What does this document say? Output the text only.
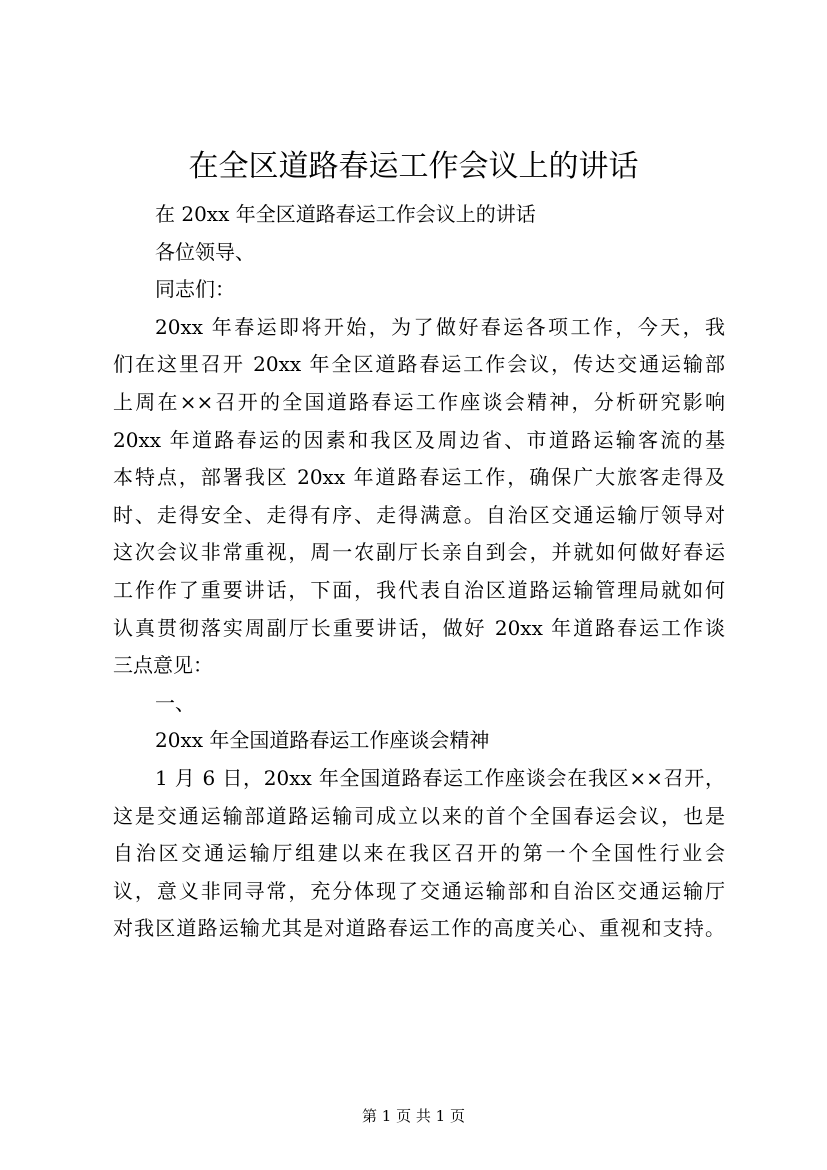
在全区道路春运工作会议上的讲话
在 20xx 年全区道路春运工作会议上的讲话
各位领导、
同志们：
20xx 年春运即将开始，为了做好春运各项工作，今天，我
们在这里召开 20xx 年全区道路春运工作会议，传达交通运输部
上周在××召开的全国道路春运工作座谈会精神，分析研究影响
20xx 年道路春运的因素和我区及周边省、市道路运输客流的基
本特点，部署我区 20xx 年道路春运工作，确保广大旅客走得及
时、走得安全、走得有序、走得满意。自治区交通运输厅领导对
这次会议非常重视，周一农副厅长亲自到会，并就如何做好春运
工作作了重要讲话，下面，我代表自治区道路运输管理局就如何
认真贯彻落实周副厅长重要讲话，做好 20xx 年道路春运工作谈
三点意见：
一、
20xx 年全国道路春运工作座谈会精神
1 月 6 日，20xx 年全国道路春运工作座谈会在我区××召开，
这是交通运输部道路运输司成立以来的首个全国春运会议，也是
自治区交通运输厅组建以来在我区召开的第一个全国性行业会
议，意义非同寻常，充分体现了交通运输部和自治区交通运输厅
对我区道路运输尤其是对道路春运工作的高度关心、重视和支持。
第 1 页 共 1 页
